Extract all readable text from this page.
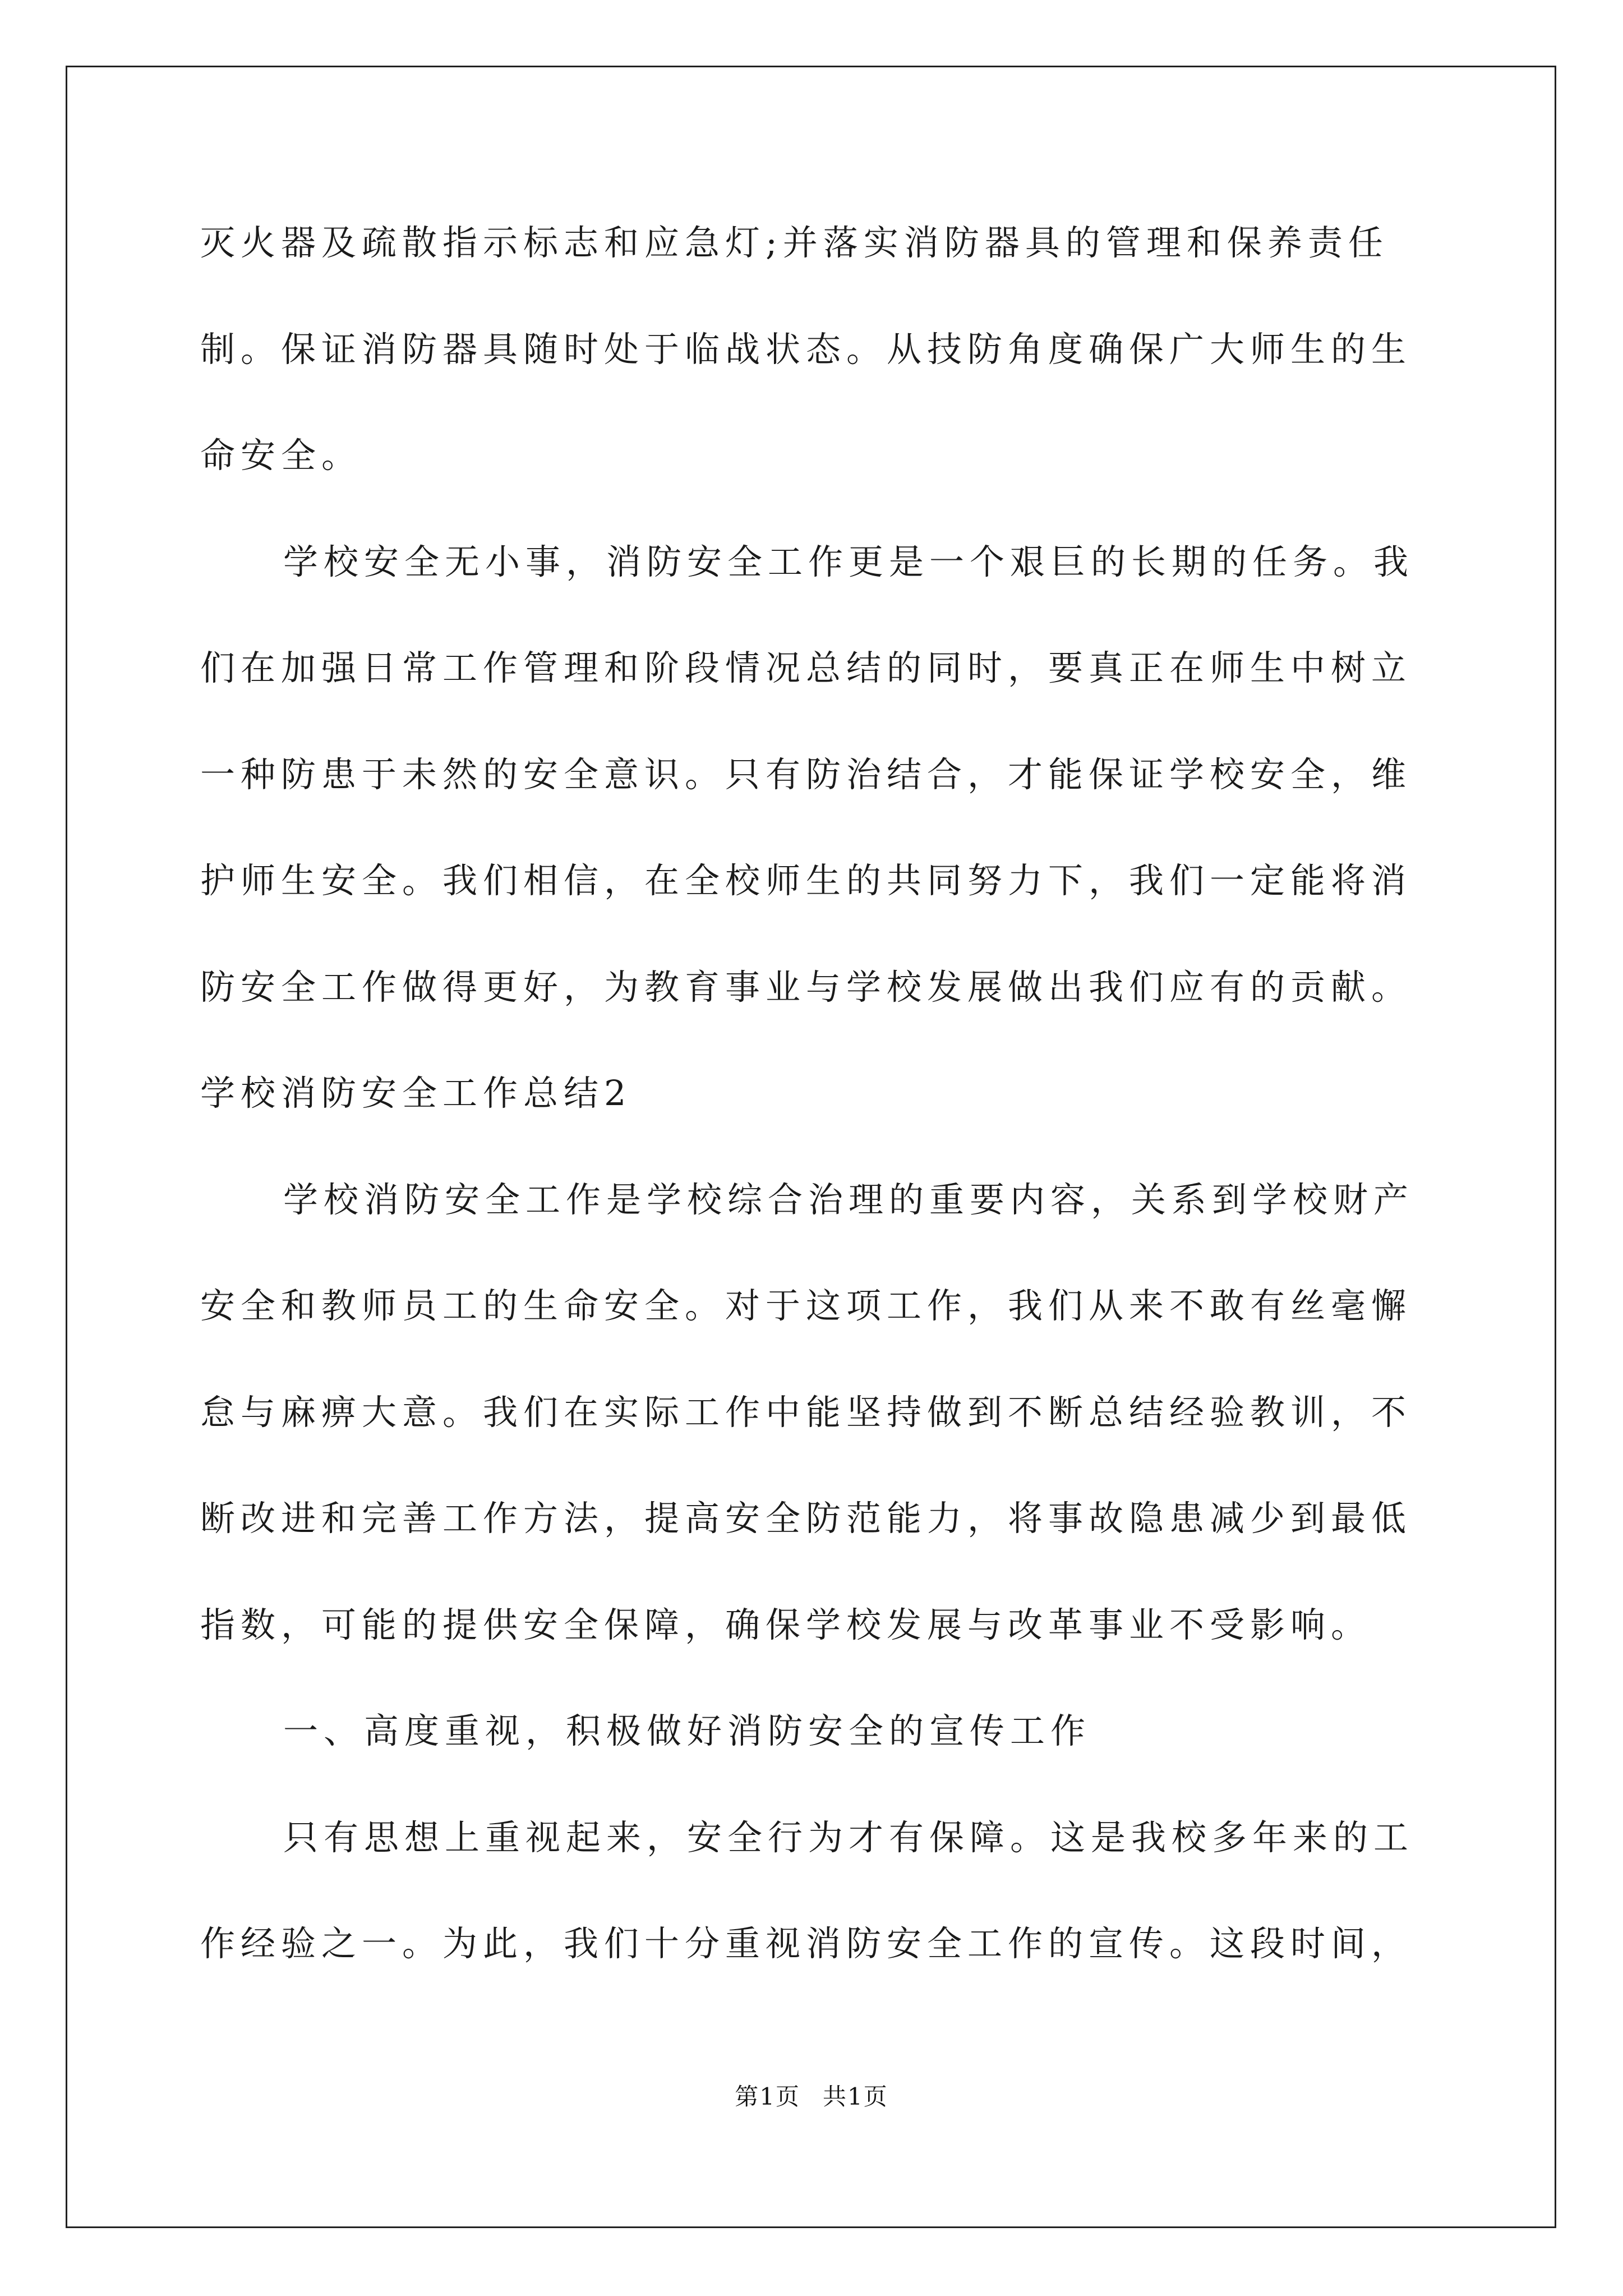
灭火器及疏散指示标志和应急灯;并落实消防器具的管理和保养责任
制。保证消防器具随时处于临战状态。从技防角度确保广大师生的生
命安全。
学校安全无小事，消防安全工作更是一个艰巨的长期的任务。我
们在加强日常工作管理和阶段情况总结的同时，要真正在师生中树立
一种防患于未然的安全意识。只有防治结合，才能保证学校安全，维
护师生安全。我们相信，在全校师生的共同努力下，我们一定能将消
防安全工作做得更好，为教育事业与学校发展做出我们应有的贡献。
学校消防安全工作总结2
学校消防安全工作是学校综合治理的重要内容，关系到学校财产
安全和教师员工的生命安全。对于这项工作，我们从来不敢有丝毫懈
怠与麻痹大意。我们在实际工作中能坚持做到不断总结经验教训，不
断改进和完善工作方法，提高安全防范能力，将事故隐患减少到最低
指数，可能的提供安全保障，确保学校发展与改革事业不受影响。
一、高度重视，积极做好消防安全的宣传工作
只有思想上重视起来，安全行为才有保障。这是我校多年来的工
作经验之一。为此，我们十分重视消防安全工作的宣传。这段时间，
第1页 共1页
